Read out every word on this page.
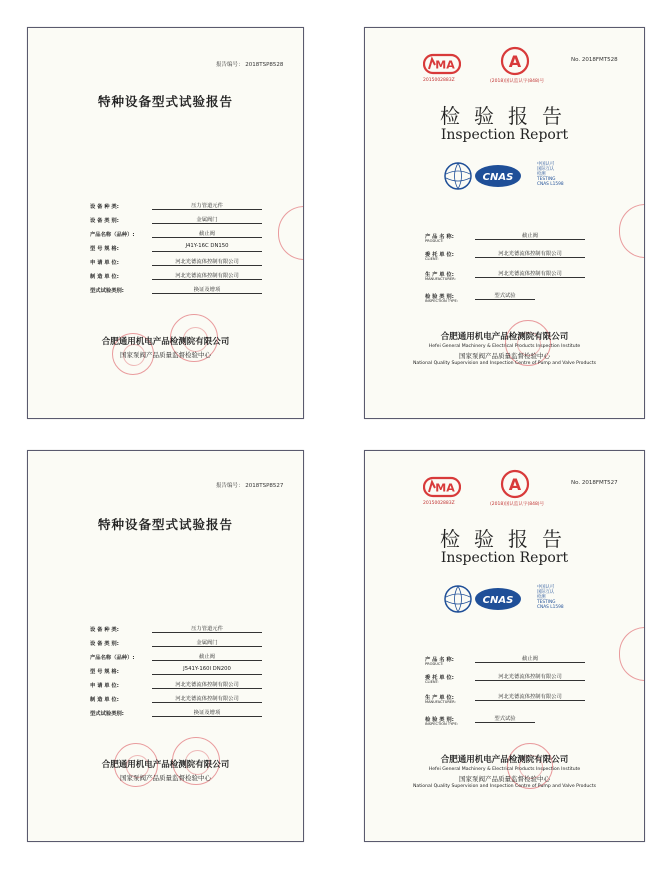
报告编号： 2018TSP8528
特种设备型式试验报告
设 备 种 类:	压力管道元件
设 备 类 别:	金属阀门
产品名称（品种）:	截止阀
型 号 规 格:	J41Y-16C DN150
申 请 单 位:	河北光德流体控制有限公司
制 造 单 位:	河北光德流体控制有限公司
型式试验类别:	换证及增项
合肥通用机电产品检测院有限公司
国家泵阀产品质量监督检验中心
No. 2018FMT528
MA
2015002883Z
A
(2018)国认监认字(848)号
检验报告
Inspection Report
CNAS
中国认可
国际互认
检测
TESTING
CNAS L1598
产 品 名 称:
PRODUCT:
截止阀
委 托 单 位:
CLIENT:
河北光德流体控制有限公司
生 产 单 位:
MANUFACTURER:
河北光德流体控制有限公司
检 验 类 别:
INSPECTION TYPE:
型式试验
合肥通用机电产品检测院有限公司
Hefei General Machinery & Electrical Products Inspection Institute
国家泵阀产品质量监督检验中心
National Quality Supervision and Inspection Centre of Pump and Valve Products
报告编号： 2018TSP8527
特种设备型式试验报告
设 备 种 类:	压力管道元件
设 备 类 别:	金属阀门
产品名称（品种）:	截止阀
型 号 规 格:	J541Y-160I DN200
申 请 单 位:	河北光德流体控制有限公司
制 造 单 位:	河北光德流体控制有限公司
型式试验类别:	换证及增项
合肥通用机电产品检测院有限公司
国家泵阀产品质量监督检验中心
No. 2018FMT527
MA
2015002883Z
A
(2018)国认监认字(848)号
检验报告
Inspection Report
CNAS
中国认可
国际互认
检测
TESTING
CNAS L1598
产 品 名 称:
PRODUCT:
截止阀
委 托 单 位:
CLIENT:
河北光德流体控制有限公司
生 产 单 位:
MANUFACTURER:
河北光德流体控制有限公司
检 验 类 别:
INSPECTION TYPE:
型式试验
合肥通用机电产品检测院有限公司
Hefei General Machinery & Electrical Products Inspection Institute
国家泵阀产品质量监督检验中心
National Quality Supervision and Inspection Centre of Pump and Valve Products
